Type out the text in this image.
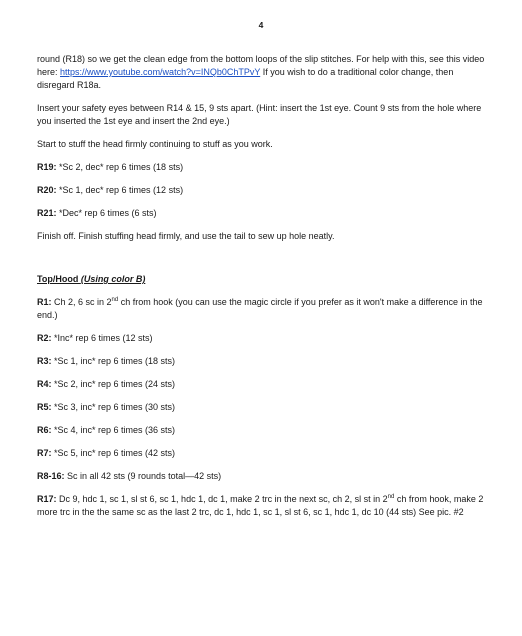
4

round (R18) so we get the clean edge from the bottom loops of the slip stitches. For help with this, see this video here: https://www.youtube.com/watch?v=INQb0ChTPvY If you wish to do a traditional color change, then disregard R18a.

Insert your safety eyes between R14 & 15, 9 sts apart. (Hint: insert the 1st eye. Count 9 sts from the hole where you inserted the 1st eye and insert the 2nd eye.)

Start to stuff the head firmly continuing to stuff as you work.

R19: *Sc 2, dec* rep 6 times (18 sts)

R20: *Sc 1, dec* rep 6 times (12 sts)

R21: *Dec* rep 6 times (6 sts)

Finish off. Finish stuffing head firmly, and use the tail to sew up hole neatly.

Top/Hood (Using color B)

R1: Ch 2, 6 sc in 2nd ch from hook (you can use the magic circle if you prefer as it won't make a difference in the end.)

R2: *Inc* rep 6 times (12 sts)

R3: *Sc 1, inc* rep 6 times (18 sts)

R4: *Sc 2, inc* rep 6 times (24 sts)

R5: *Sc 3, inc* rep 6 times (30 sts)

R6: *Sc 4, inc* rep 6 times (36 sts)

R7: *Sc 5, inc* rep 6 times (42 sts)

R8-16: Sc in all 42 sts (9 rounds total—42 sts)

R17: Dc 9, hdc 1, sc 1, sl st 6, sc 1, hdc 1, dc 1, make 2 trc in the next sc, ch 2, sl st in 2nd ch from hook, make 2 more trc in the the same sc as the last 2 trc, dc 1, hdc 1, sc 1, sl st 6, sc 1, hdc 1, dc 10 (44 sts) See pic. #2
